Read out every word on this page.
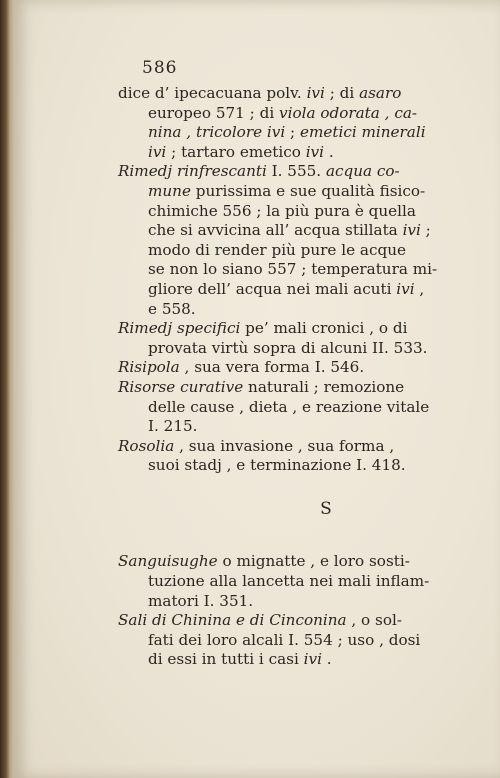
586
dice d’ ipecacuana polv. ivi ; di asaro
europeo 571 ; di viola odorata , ca-
nina , tricolore ivi ; emetici minerali
ivi ; tartaro emetico ivi .
Rimedj rinfrescanti I. 555. acqua co-
mune purissima e sue qualità fisico-
chimiche 556 ; la più pura è quella
che si avvicina all’ acqua stillata ivi ;
modo di render più pure le acque
se non lo siano 557 ; temperatura mi-
gliore dell’ acqua nei mali acuti ivi ,
e 558.
Rimedj specifici pe’ mali cronici , o di
provata virtù sopra di alcuni II. 533.
Risipola , sua vera forma I. 546.
Risorse curative naturali ; remozione
delle cause , dieta , e reazione vitale
I. 215.
Rosolia , sua invasione , sua forma ,
suoi stadj , e terminazione I. 418.
S
Sanguisughe o mignatte , e loro sosti-
tuzione alla lancetta nei mali inflam-
matori I. 351.
Sali di Chinina e di Cinconina , o sol-
fati dei loro alcali I. 554 ; uso , dosi
di essi in tutti i casi ivi .
